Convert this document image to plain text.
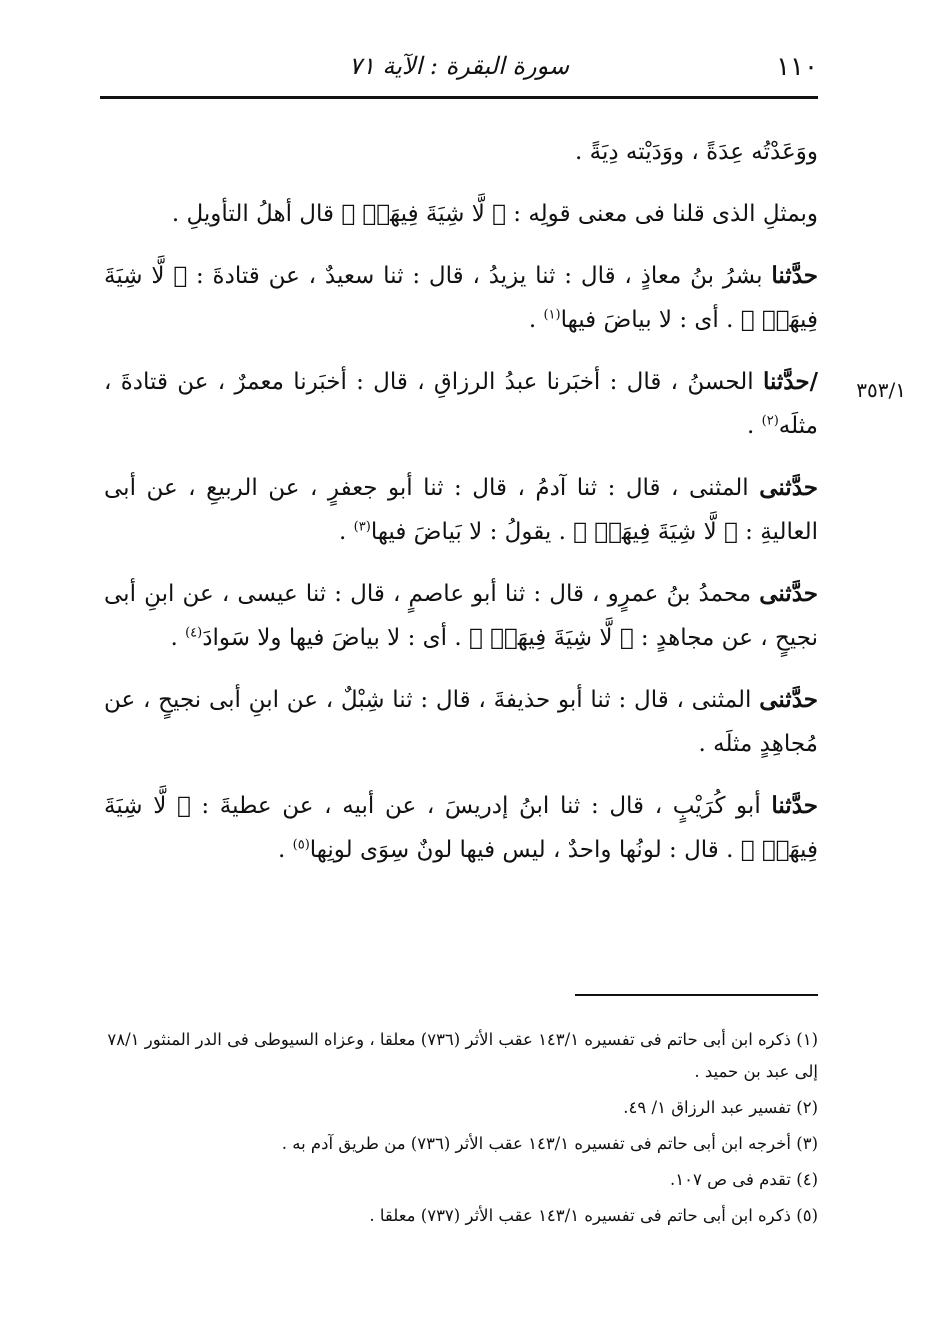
١١٠
سورة البقرة : الآية ٧١
٣٥٣/١

ووَعَدْتُه عِدَةً ، ووَدَيْته دِيَةً .

وبمثلِ الذى قلنا فى معنى قولِه : ﴿ لَّا شِيَةَ فِيهَاۚ ﴾ قال أهلُ التأويلِ .

حدَّثنا بشرُ بنُ معاذٍ ، قال : ثنا يزيدُ ، قال : ثنا سعيدٌ ، عن قتادةَ : ﴿ لَّا شِيَةَ فِيهَاۚ ﴾ . أى : لا بياضَ فيها$^{(١)}$ .

/حدَّثنا الحسنُ ، قال : أخبَرنا عبدُ الرزاقِ ، قال : أخبَرنا معمرٌ ، عن قتادةَ ، مثلَه$^{(٢)}$ .

حدَّثنى المثنى ، قال : ثنا آدمُ ، قال : ثنا أبو جعفرٍ ، عن الربيعِ ، عن أبى العاليةِ : ﴿ لَّا شِيَةَ فِيهَاۚ ﴾ . يقولُ : لا بَياضَ فيها$^{(٣)}$ .

حدَّثنى محمدُ بنُ عمرٍو ، قال : ثنا أبو عاصمٍ ، قال : ثنا عيسى ، عن ابنِ أبى نجيحٍ ، عن مجاهدٍ : ﴿ لَّا شِيَةَ فِيهَاۚ ﴾ . أى : لا بياضَ فيها ولا سَوادَ$^{(٤)}$ .

حدَّثنى المثنى ، قال : ثنا أبو حذيفةَ ، قال : ثنا شِبْلٌ ، عن ابنِ أبى نجيحٍ ، عن مُجاهِدٍ مثلَه .

حدَّثنا أبو كُرَيْبٍ ، قال : ثنا ابنُ إدريسَ ، عن أبيه ، عن عطيةَ : ﴿ لَّا شِيَةَ فِيهَاۚ ﴾ . قال : لونُها واحدٌ ، ليس فيها لونٌ سِوَى لونِها$^{(٥)}$ .

(١) ذكره ابن أبى حاتم فى تفسيره ١٤٣/١ عقب الأثر (٧٣٦) معلقا ، وعزاه السيوطى فى الدر المنثور ٧٨/١ إلى عبد بن حميد .

(٢) تفسير عبد الرزاق ١/ ٤٩.

(٣) أخرجه ابن أبى حاتم فى تفسيره ١٤٣/١ عقب الأثر (٧٣٦) من طريق آدم به .

(٤) تقدم فى ص ١٠٧.

(٥) ذكره ابن أبى حاتم فى تفسيره ١٤٣/١ عقب الأثر (٧٣٧) معلقا .
